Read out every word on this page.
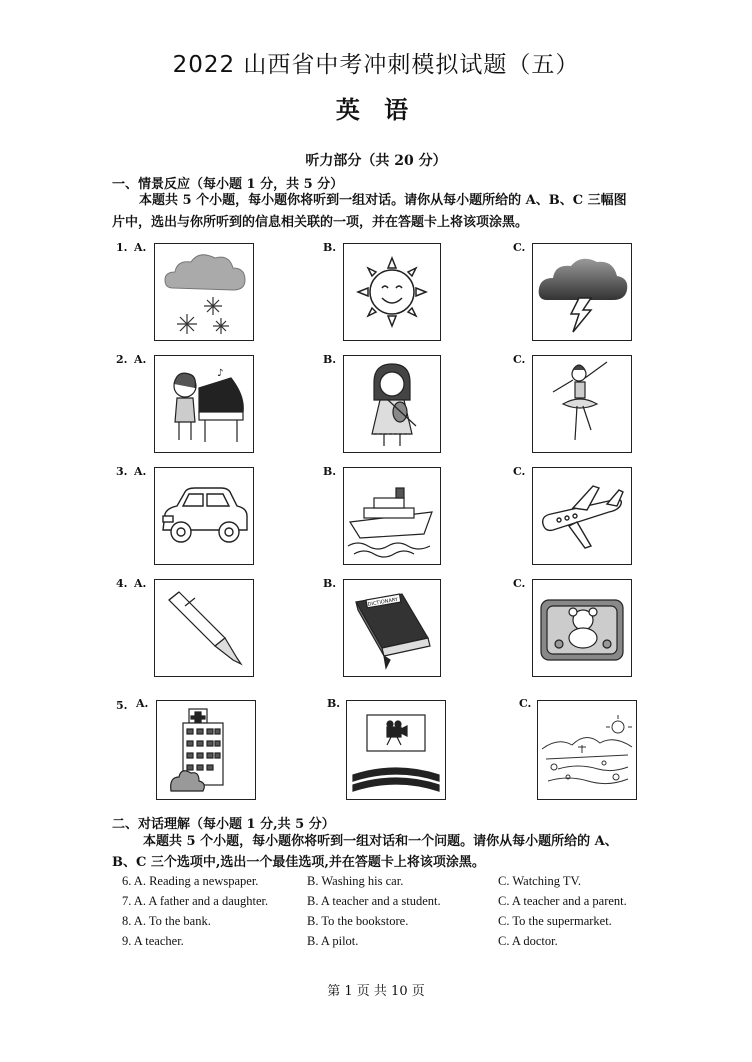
2022 山西省中考冲刺模拟试题（五）
英 语
听力部分（共 20 分）
一、情景反应（每小题 1 分，共 5 分）
本题共 5 个小题，每小题你将听到一组对话。请你从每小题所给的 A、B、C 三幅图
片中，选出与你所听到的信息相关联的一项，并在答题卡上将该项涂黑。
1. A.	B.	C.
2. A.	B.	C.
♪
3. A.	B.	C.
4. A.	B.	C.
DICTIONARY
5. A.	B.	C.
二、对话理解（每小题 1 分,共 5 分）
本题共 5 个小题，每小题你将听到一组对话和一个问题。请你从每小题所给的 A、
B、C 三个选项中,选出一个最佳选项,并在答题卡上将该项涂黑。
6. A. Reading a newspaper.	B. Washing his car.	C. Watching TV.
7. A. A father and a daughter.	B. A teacher and a student.	C. A teacher and a parent.
8. A. To the bank.	B. To the bookstore.	C. To the supermarket.
9. A teacher.	B. A pilot.	C. A doctor.
第 1 页 共 10 页
